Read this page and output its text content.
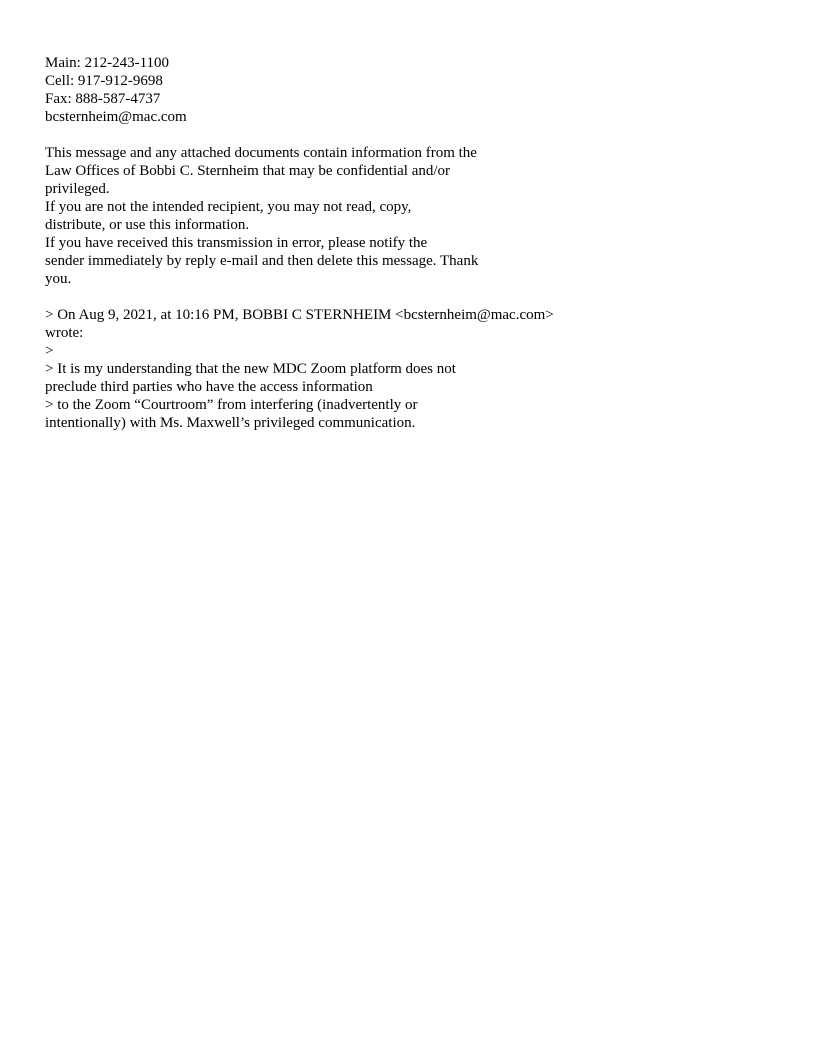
Main: 212-243-1100
Cell: 917-912-9698
Fax: 888-587-4737
bcsternheim@mac.com
This message and any attached documents contain information from the
Law Offices of Bobbi C. Sternheim that may be confidential and/or
privileged.
If you are not the intended recipient, you may not read, copy,
distribute, or use this information.
If you have received this transmission in error, please notify the
sender immediately by reply e-mail and then delete this message. Thank
you.
> On Aug 9, 2021, at 10:16 PM, BOBBI C STERNHEIM <bcsternheim@mac.com>
wrote:
>
> It is my understanding that the new MDC Zoom platform does not
preclude third parties who have the access information
> to the Zoom “Courtroom” from interfering (inadvertently or
intentionally) with Ms. Maxwell’s privileged communication.
